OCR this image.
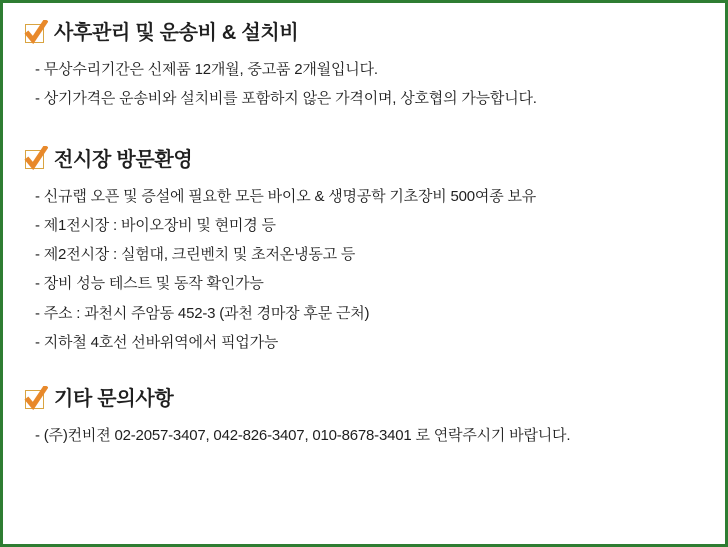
사후관리 및 운송비 & 설치비
- 무상수리기간은 신제품 12개월, 중고품 2개월입니다.
- 상기가격은 운송비와 설치비를 포함하지 않은 가격이며, 상호협의 가능합니다.
전시장 방문환영
- 신규랩 오픈 및 증설에 필요한 모든 바이오 & 생명공학 기초장비 500여종 보유
- 제1전시장 : 바이오장비 및 현미경 등
- 제2전시장 : 실험대, 크린벤치 및 초저온냉동고 등
- 장비 성능 테스트 및 동작 확인가능
- 주소 : 과천시 주암동 452-3 (과천 경마장 후문 근처)
- 지하철 4호선 선바위역에서 픽업가능
기타 문의사항
- (주)컨비젼 02-2057-3407, 042-826-3407, 010-8678-3401 로 연락주시기 바랍니다.
